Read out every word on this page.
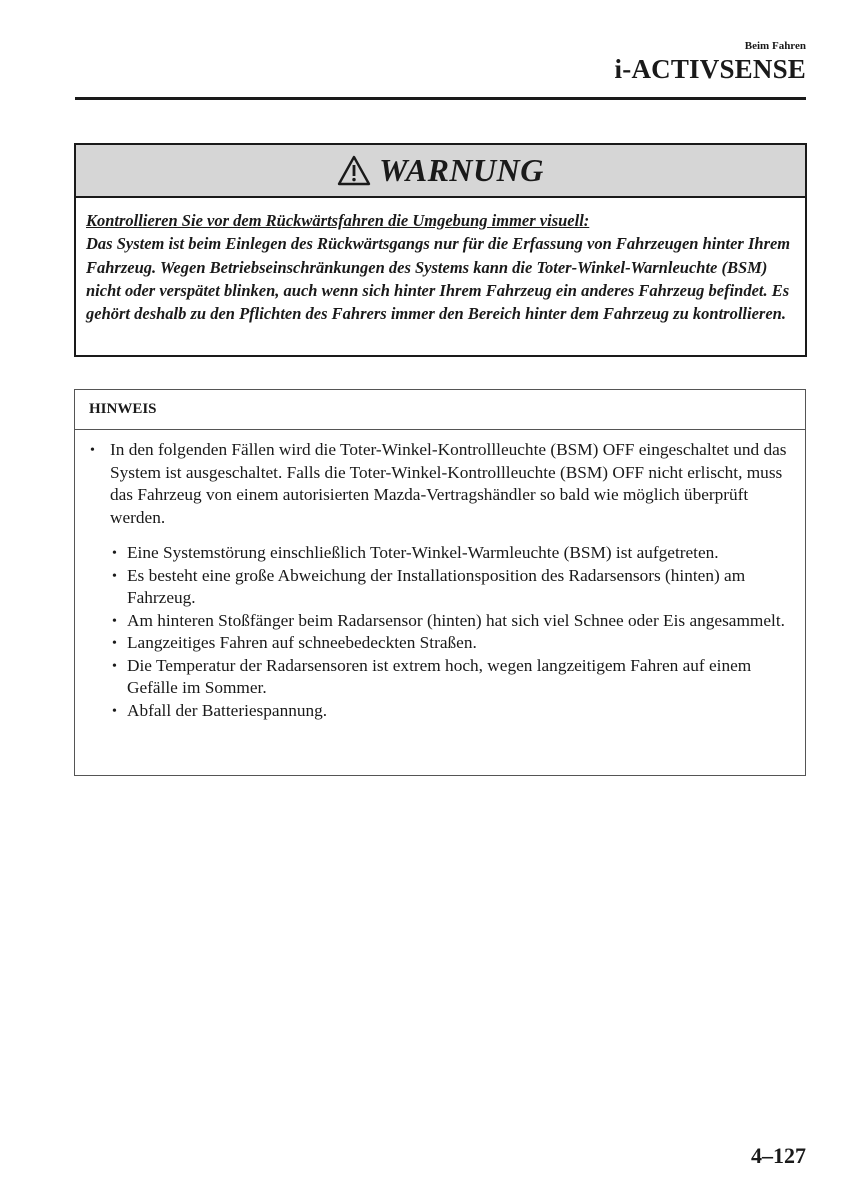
Beim Fahren
i-ACTIVSENSE
WARNUNG
Kontrollieren Sie vor dem Rückwärtsfahren die Umgebung immer visuell:
Das System ist beim Einlegen des Rückwärtsgangs nur für die Erfassung von Fahrzeugen hinter Ihrem Fahrzeug. Wegen Betriebseinschränkungen des Systems kann die Toter-Winkel-Warnleuchte (BSM) nicht oder verspätet blinken, auch wenn sich hinter Ihrem Fahrzeug ein anderes Fahrzeug befindet. Es gehört deshalb zu den Pflichten des Fahrers immer den Bereich hinter dem Fahrzeug zu kontrollieren.
HINWEIS
• In den folgenden Fällen wird die Toter-Winkel-Kontrollleuchte (BSM) OFF eingeschaltet und das System ist ausgeschaltet. Falls die Toter-Winkel-Kontrollleuchte (BSM) OFF nicht erlischt, muss das Fahrzeug von einem autorisierten Mazda-Vertragshändler so bald wie möglich überprüft werden.
• Eine Systemstörung einschließlich Toter-Winkel-Warmleuchte (BSM) ist aufgetreten.
• Es besteht eine große Abweichung der Installationsposition des Radarsensors (hinten) am Fahrzeug.
• Am hinteren Stoßfänger beim Radarsensor (hinten) hat sich viel Schnee oder Eis angesammelt.
• Langzeitiges Fahren auf schneebedeckten Straßen.
• Die Temperatur der Radarsensoren ist extrem hoch, wegen langzeitigem Fahren auf einem Gefälle im Sommer.
• Abfall der Batteriespannung.
4–127
